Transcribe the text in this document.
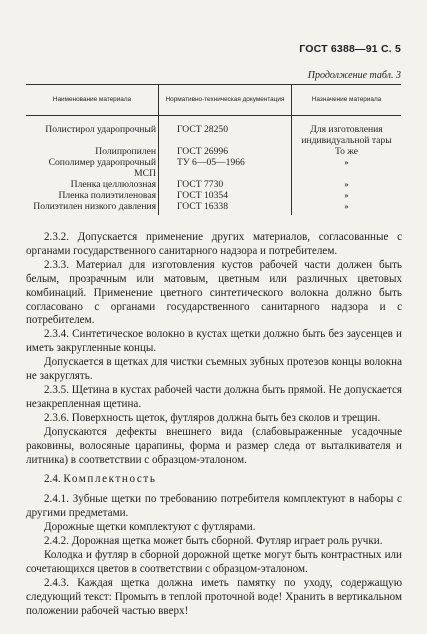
ГОСТ 6388—91 С. 5
Продолжение табл. 3
Наименование материала	Нормативно-техническая документация	Назначение материала
Полистирол ударопрочный	ГОСТ 28250	Для изготовления индивидуальной тары
Полипропилен	ГОСТ 26996	То же
Сополимер ударопрочный МСП	ТУ 6—05—1966	»
Пленка целлюлозная	ГОСТ 7730	»
Пленка полиэтиленовая	ГОСТ 10354	»
Полиэтилен низкого давления	ГОСТ 16338	»

2.3.2. Допускается применение других материалов, согласованные с органами государственного санитарного надзора и потребителем.

2.3.3. Материал для изготовления кустов рабочей части должен быть белым, прозрачным или матовым, цветным или различных цветовых комбинаций. Применение цветного синтетического волокна должно быть согласовано с органами государственного санитарного надзора и с потребителем.

2.3.4. Синтетическое волокно в кустах щетки должно быть без заусенцев и иметь закругленные концы.

Допускается в щетках для чистки съемных зубных протезов концы волокна не закруглять.

2.3.5. Щетина в кустах рабочей части должна быть прямой. Не допускается незакрепленная щетина.

2.3.6. Поверхность щеток, футляров должна быть без сколов и трещин.

Допускаются дефекты внешнего вида (слабовыраженные усадочные раковины, волосяные царапины, форма и размер следа от выталкивателя и литника) в соответствии с образцом-эталоном.

2.4. Комплектность

2.4.1. Зубные щетки по требованию потребителя комплектуют в наборы с другими предметами.

Дорожные щетки комплектуют с футлярами.

2.4.2. Дорожная щетка может быть сборной. Футляр играет роль ручки.

Колодка и футляр в сборной дорожной щетке могут быть контрастных или сочетающихся цветов в соответствии с образцом-эталоном.

2.4.3. Каждая щетка должна иметь памятку по уходу, содержащую следующий текст: Промыть в теплой проточной воде! Хранить в вертикальном положении рабочей частью вверх!
